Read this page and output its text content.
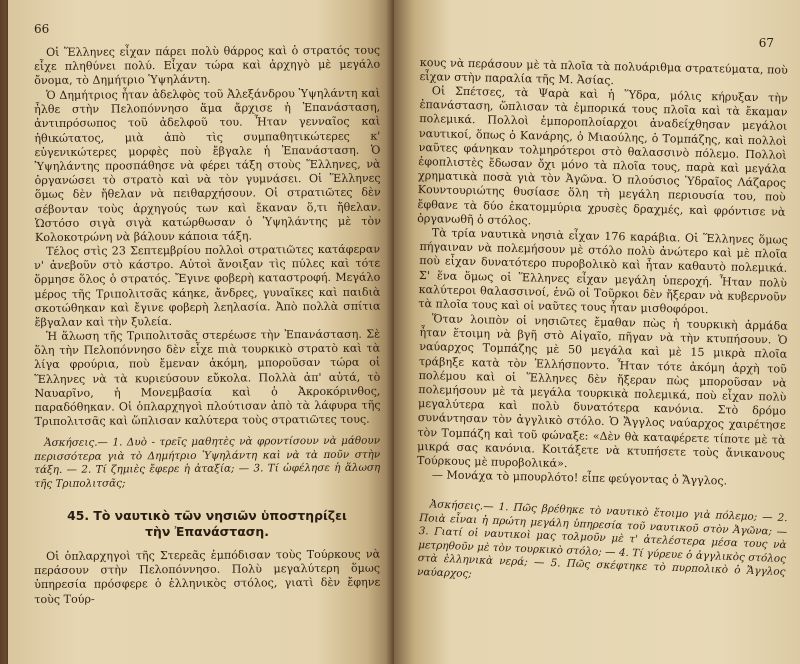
66

Οἱ Ἕλληνες εἶχαν πάρει πολὺ θάρρος καὶ ὁ στρατός τους εἶχε πληθύνει πολύ. Εἶχαν τώρα καὶ ἀρχηγὸ μὲ μεγάλο ὄνομα, τὸ Δημήτριο Ὑψηλάντη.

Ὁ Δημήτριος ἦταν ἀδελφὸς τοῦ Ἀλεξάνδρου Ὑψηλάντη καὶ ἦλθε στὴν Πελοπόννησο ἅμα ἄρχισε ἡ Ἐπανάσταση, ἀντιπρόσωπος τοῦ ἀδελφοῦ του. Ἦταν γενναῖος καὶ ἠθικώτατος, μιὰ ἀπὸ τὶς συμπαθητικώτερες κ' εὐγενικώτερες μορφὲς ποὺ ἔβγαλε ἡ Ἐπανάσταση. Ὁ Ὑψηλάντης προσπάθησε νὰ φέρει τάξη στοὺς Ἕλληνες, νὰ ὀργανώσει τὸ στρατὸ καὶ νὰ τὸν γυμνάσει. Οἱ Ἕλληνες ὅμως δὲν ἤθελαν νὰ πειθαρχήσουν. Οἱ στρατιῶτες δὲν σέβονταν τοὺς ἀρχηγούς των καὶ ἔκαναν ὅ,τι ἤθελαν. Ὡστόσο σιγὰ σιγὰ κατώρθωσαν ὁ Ὑψηλάντης μὲ τὸν Κολοκοτρώνη νὰ βάλουν κάποια τάξη.

Τέλος στὶς 23 Σεπτεμβρίου πολλοὶ στρατιῶτες κατάφεραν ν' ἀνεβοῦν στὸ κάστρο. Αὐτοὶ ἄνοιξαν τὶς πύλες καὶ τότε ὅρμησε ὅλος ὁ στρατός. Ἔγινε φοβερὴ καταστροφή. Μεγάλο μέρος τῆς Τριπολιτσᾶς κάηκε, ἄνδρες, γυναῖκες καὶ παιδιὰ σκοτώθηκαν καὶ ἔγινε φοβερὴ λεηλασία. Ἀπὸ πολλὰ σπίτια ἔβγαλαν καὶ τὴν ξυλεία.

Ἡ ἅλωση τῆς Τριπολιτσᾶς στερέωσε τὴν Ἐπανάσταση. Σὲ ὅλη τὴν Πελοπόννησο δὲν εἶχε πιὰ τουρκικὸ στρατὸ καὶ τὰ λίγα φρούρια, ποὺ ἔμεναν ἀκόμη, μποροῦσαν τώρα οἱ Ἕλληνες νὰ τὰ κυριεύσουν εὔκολα. Πολλὰ ἀπ' αὐτά, τὸ Ναυαρῖνο, ἡ Μονεμβασία καὶ ὁ Ἀκροκόρινθος, παραδόθηκαν. Οἱ ὁπλαρχηγοὶ πλούτισαν ἀπὸ τὰ λάφυρα τῆς Τριπολιτσᾶς καὶ ὥπλισαν καλύτερα τοὺς στρατιῶτες τους.

Ἀσκήσεις.— 1. Δυὸ - τρεῖς μαθητὲς νὰ φροντίσουν νὰ μάθουν περισσότερα γιὰ τὸ Δημήτριο Ὑψηλάντη καὶ νὰ τὰ ποῦν στὴν τάξη. — 2. Τί ζημιὲς ἔφερε ἡ ἀταξία; — 3. Τί ὠφέλησε ἡ ἅλωση τῆς Τριπολιτσᾶς;

45. Τὸ ναυτικὸ τῶν νησιῶν ὑποστηρίζει
τὴν Ἐπανάσταση.

Οἱ ὁπλαρχηγοὶ τῆς Στερεᾶς ἐμπόδισαν τοὺς Τούρκους νὰ περάσουν στὴν Πελοπόννησο. Πολὺ μεγαλύτερη ὅμως ὑπηρεσία πρόσφερε ὁ ἑλληνικὸς στόλος, γιατὶ δὲν ἔφηνε τοὺς Τούρ-

67

κους νὰ περάσουν μὲ τὰ πλοῖα τὰ πολυάριθμα στρατεύματα, ποὺ εἶχαν στὴν παραλία τῆς Μ. Ἀσίας.

Οἱ Σπέτσες, τὰ Ψαρὰ καὶ ἡ Ὕδρα, μόλις κήρυξαν τὴν ἐπανάσταση, ὥπλισαν τὰ ἐμπορικά τους πλοῖα καὶ τὰ ἔκαμαν πολεμικά. Πολλοὶ ἐμποροπλοίαρχοι ἀναδείχθησαν μεγάλοι ναυτικοί, ὅπως ὁ Κανάρης, ὁ Μιαούλης, ὁ Τομπάζης, καὶ πολλοὶ ναῦτες φάνηκαν τολμηρότεροι στὸ θαλασσινὸ πόλεμο. Πολλοὶ ἐφοπλιστὲς ἔδωσαν ὄχι μόνο τὰ πλοῖα τους, παρὰ καὶ μεγάλα χρηματικὰ ποσὰ γιὰ τὸν Ἀγῶνα. Ὁ πλούσιος Ὑδραῖος Λάζαρος Κουντουριώτης θυσίασε ὅλη τὴ μεγάλη περιουσία του, ποὺ ἔφθανε τὰ δύο ἑκατομμύρια χρυσὲς δραχμές, καὶ φρόντισε νὰ ὀργανωθῆ ὁ στόλος.

Τὰ τρία ναυτικὰ νησιὰ εἶχαν 176 καράβια. Οἱ Ἕλληνες ὅμως πήγαιναν νὰ πολεμήσουν μὲ στόλο πολὺ ἀνώτερο καὶ μὲ πλοῖα ποὺ εἶχαν δυνατότερο πυροβολικὸ καὶ ἦταν καθαυτὸ πολεμικά. Σ' ἕνα ὅμως οἱ Ἕλληνες εἶχαν μεγάλη ὑπεροχή. Ἦταν πολὺ καλύτεροι θαλασσινοί, ἐνῶ οἱ Τοῦρκοι δὲν ἤξεραν νὰ κυβερνοῦν τὰ πλοῖα τους καὶ οἱ ναῦτες τους ἦταν μισθοφόροι.

Ὅταν λοιπὸν οἱ νησιῶτες ἔμαθαν πὼς ἡ τουρκικὴ ἀρμάδα ἦταν ἕτοιμη νὰ βγῆ στὸ Αἰγαῖο, πῆγαν νὰ τὴν κτυπήσουν. Ὁ ναύαρχος Τομπάζης μὲ 50 μεγάλα καὶ μὲ 15 μικρὰ πλοῖα τράβηξε κατὰ τὸν Ἑλλήσποντο. Ἦταν τότε ἀκόμη ἀρχὴ τοῦ πολέμου καὶ οἱ Ἕλληνες δὲν ἤξεραν πὼς μποροῦσαν νὰ πολεμήσουν μὲ τὰ μεγάλα τουρκικὰ πολεμικά, ποὺ εἶχαν πολὺ μεγαλύτερα καὶ πολὺ δυνατότερα κανόνια. Στὸ δρόμο συνάντησαν τὸν ἀγγλικὸ στόλο. Ὁ Ἄγγλος ναύαρχος χαιρέτησε τὸν Τομπάζη καὶ τοῦ φώναξε: «Δὲν θὰ καταφέρετε τίποτε μὲ τὰ μικρά σας κανόνια. Κοιτάξετε νὰ κτυπήσετε τοὺς ἄνικανους Τούρκους μὲ πυροβολικά».

— Μονάχα τὸ μπουρλότο! εἶπε φεύγοντας ὁ Ἄγγλος.

Ἀσκήσεις.— 1. Πῶς βρέθηκε τὸ ναυτικὸ ἕτοιμο γιὰ πόλεμο; — 2. Ποιὰ εἶναι ἡ πρώτη μεγάλη ὑπηρεσία τοῦ ναυτικοῦ στὸν Ἀγῶνα; — 3. Γιατί οἱ ναυτικοὶ μας τολμοῦν μὲ τ' ἀτελέστερα μέσα τους νὰ μετρηθοῦν μὲ τὸν τουρκικὸ στόλο; — 4. Τί γύρευε ὁ ἀγγλικὸς στόλος στὰ ἑλληνικὰ νερά; — 5. Πῶς σκέφτηκε τὸ πυρπολικὸ ὁ Ἄγγλος ναύαρχος;
